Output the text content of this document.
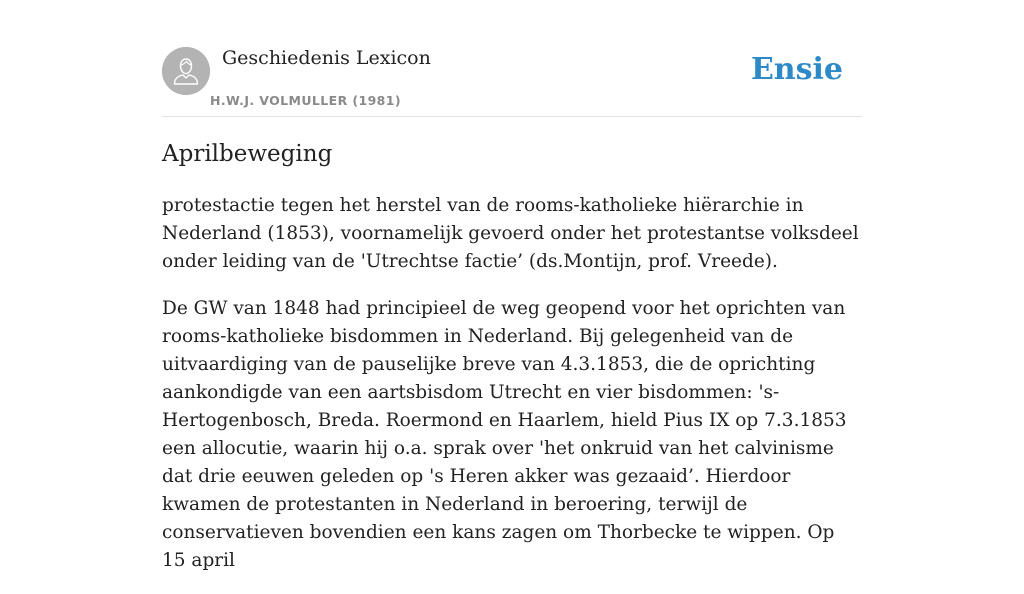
Geschiedenis Lexicon
H.W.J. VOLMULLER (1981)
Ensie
Aprilbeweging

protestactie tegen het herstel van de rooms-katholieke hiërarchie in Nederland (1853), voornamelijk gevoerd onder het protestantse volksdeel onder leiding van de 'Utrechtse factie’ (ds.Montijn, prof. Vreede).

De GW van 1848 had principieel de weg geopend voor het oprichten van rooms-katholieke bisdommen in Nederland. Bij gelegenheid van de uitvaardiging van de pauselijke breve van 4.3.1853, die de oprichting aankondigde van een aartsbisdom Utrecht en vier bisdommen: 's-Hertogenbosch, Breda. Roermond en Haarlem, hield Pius IX op 7.3.1853 een allocutie, waarin hij o.a. sprak over 'het onkruid van het calvinisme dat drie eeuwen geleden op 's Heren akker was gezaaid’. Hierdoor kwamen de protestanten in Nederland in beroering, terwijl de conservatieven bovendien een kans zagen om Thorbecke te wippen. Op 15 april
